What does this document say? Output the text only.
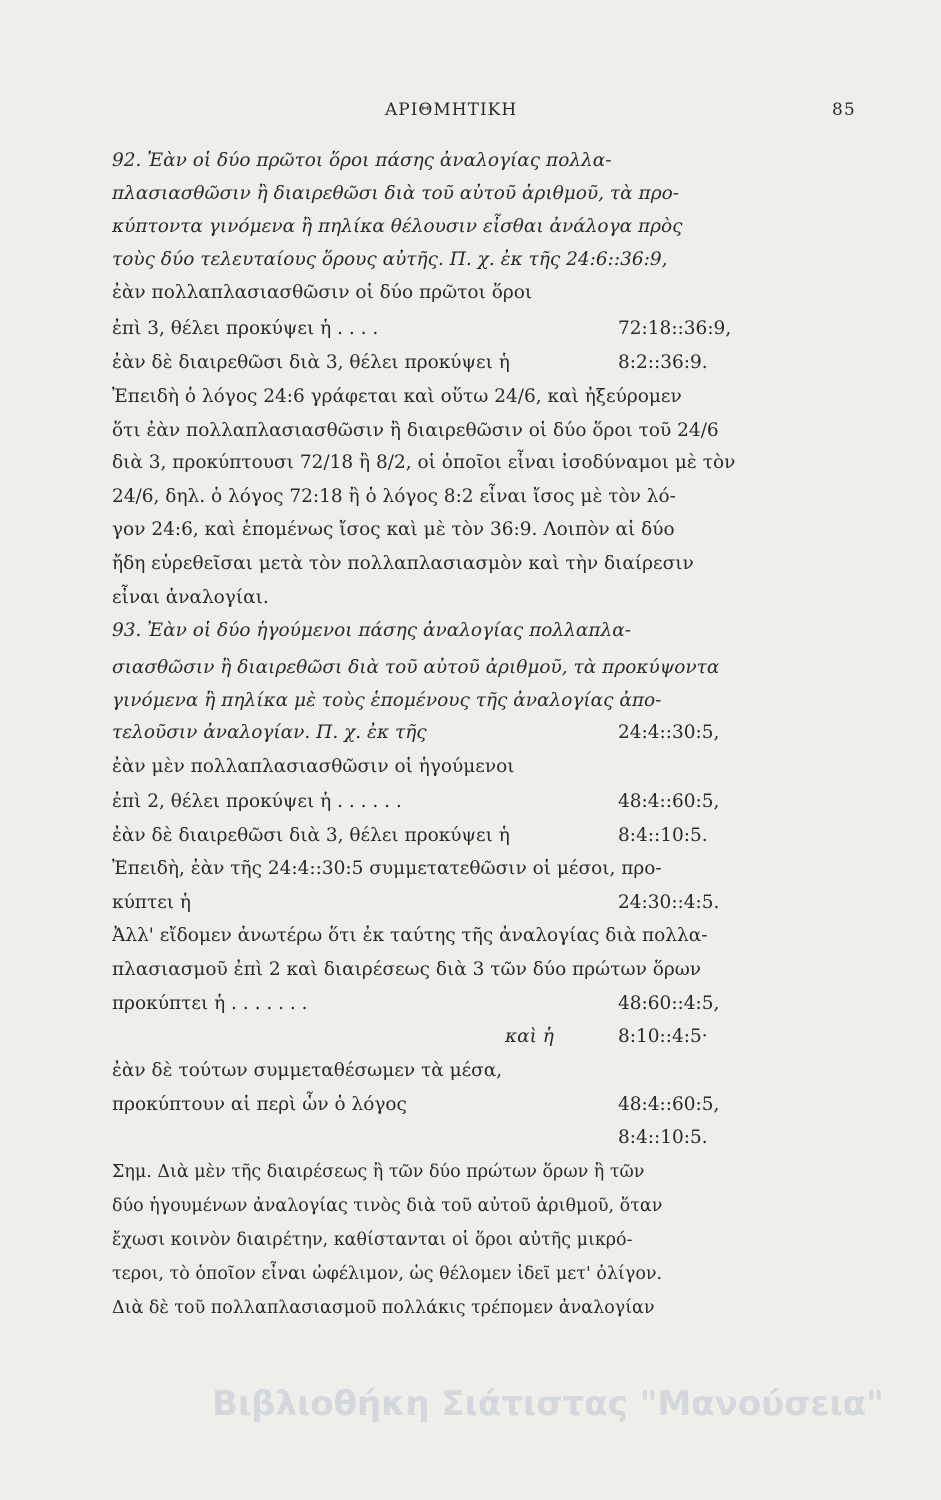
ΑΡΙΘΜΗΤΙΚΗ	85
92. Ἐὰν οἱ δύο πρῶτοι ὅροι πάσης ἀναλογίας πολλα-
πλασιασθῶσιν ἢ διαιρεθῶσι διὰ τοῦ αὐτοῦ ἀριθμοῦ, τὰ προ-
κύπτοντα γινόμενα ἢ πηλίκα θέλουσιν εἶσθαι ἀνάλογα πρὸς
τοὺς δύο τελευταίους ὅρους αὐτῆς. Π. χ. ἐκ τῆς 24:6::36:9,
ἐὰν πολλαπλασιασθῶσιν οἱ δύο πρῶτοι ὅροι
ἐπὶ 3, θέλει προκύψει ἡ . . . .	72:18::36:9,
ἐὰν δὲ διαιρεθῶσι διὰ 3, θέλει προκύψει ἡ	8:2::36:9.
Ἐπειδὴ ὁ λόγος 24:6 γράφεται καὶ οὕτω 24/6, καὶ ἠξεύρομεν
ὅτι ἐὰν πολλαπλασιασθῶσιν ἢ διαιρεθῶσιν οἱ δύο ὅροι τοῦ 24/6
διὰ 3, προκύπτουσι 72/18 ἢ 8/2, οἱ ὁποῖοι εἶναι ἰσοδύναμοι μὲ τὸν
24/6, δηλ. ὁ λόγος 72:18 ἢ ὁ λόγος 8:2 εἶναι ἴσος μὲ τὸν λό-
γον 24:6, καὶ ἑπομένως ἴσος καὶ μὲ τὸν 36:9. Λοιπὸν αἱ δύο
ἤδη εὑρεθεῖσαι μετὰ τὸν πολλαπλασιασμὸν καὶ τὴν διαίρεσιν
εἶναι ἀναλογίαι.
93. Ἐὰν οἱ δύο ἡγούμενοι πάσης ἀναλογίας πολλαπλα-
σιασθῶσιν ἢ διαιρεθῶσι διὰ τοῦ αὐτοῦ ἀριθμοῦ, τὰ προκύψοντα
γινόμενα ἢ πηλίκα μὲ τοὺς ἑπομένους τῆς ἀναλογίας ἀπο-
τελοῦσιν ἀναλογίαν. Π. χ. ἐκ τῆς	24:4::30:5,
ἐὰν μὲν πολλαπλασιασθῶσιν οἱ ἡγούμενοι
ἐπὶ 2, θέλει προκύψει ἡ . . . . . .	48:4::60:5,
ἐὰν δὲ διαιρεθῶσι διὰ 3, θέλει προκύψει ἡ	8:4::10:5.
Ἐπειδὴ, ἐὰν τῆς 24:4::30:5 συμμετατεθῶσιν οἱ μέσοι, προ-
κύπτει ἡ	24:30::4:5.
Ἀλλ' εἴδομεν ἀνωτέρω ὅτι ἐκ ταύτης τῆς ἀναλογίας διὰ πολλα-
πλασιασμοῦ ἐπὶ 2 καὶ διαιρέσεως διὰ 3 τῶν δύο πρώτων ὅρων
προκύπτει ἡ . . . . . . .	48:60::4:5,
καὶ ἡ	8:10::4:5·
ἐὰν δὲ τούτων συμμεταθέσωμεν τὰ μέσα,
προκύπτουν αἱ περὶ ὧν ὁ λόγος	48:4::60:5,
8:4::10:5.
Σημ. Διὰ μὲν τῆς διαιρέσεως ἢ τῶν δύο πρώτων ὅρων ἢ τῶν
δύο ἡγουμένων ἀναλογίας τινὸς διὰ τοῦ αὐτοῦ ἀριθμοῦ, ὅταν
ἔχωσι κοινὸν διαιρέτην, καθίστανται οἱ ὅροι αὐτῆς μικρό-
τεροι, τὸ ὁποῖον εἶναι ὠφέλιμον, ὡς θέλομεν ἰδεῖ μετ' ὀλίγον.
Διὰ δὲ τοῦ πολλαπλασιασμοῦ πολλάκις τρέπομεν ἀναλογίαν
Βιβλιοθήκη Σιάτιστας "Μανούσεια"
